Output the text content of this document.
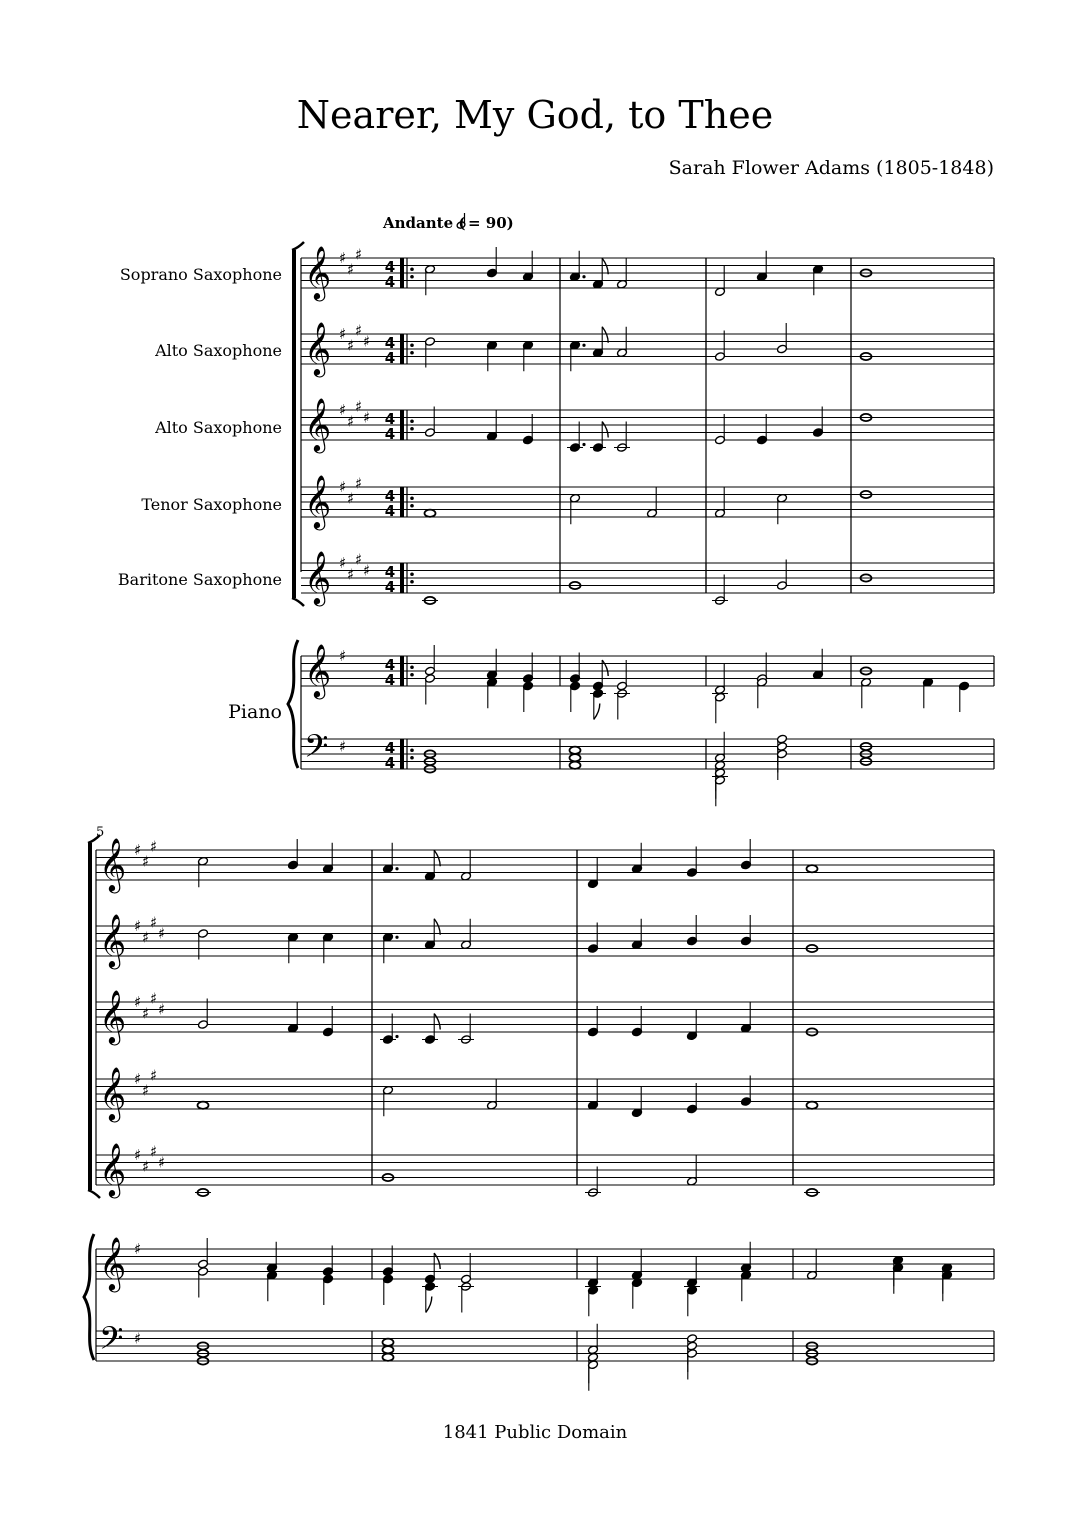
Nearer, My God, to Thee
Sarah Flower Adams (1805-1848)
Andante ( = 90)
Soprano Saxophone
Alto Saxophone
Alto Saxophone
Tenor Saxophone
Baritone Saxophone
Piano
5
𝄞 ♯
♯
♯
4
4
𝄞 ♯
♯
♯
♯ 4
4
𝄞 ♯
♯
♯
♯ 4
4
𝄞 ♯
♯
♯
4
4
𝄞 ♯
♯
♯
♯ 4
4
𝄞 ♯	4
4
𝄢 ♯	4
4
𝄞 ♯
♯
♯
𝄞 ♯
♯
♯
♯
𝄞 ♯
♯
♯
♯
𝄞 ♯
♯
♯
𝄞 ♯
♯
♯
♯
𝄞 ♯
𝄢 ♯
1841 Public Domain
